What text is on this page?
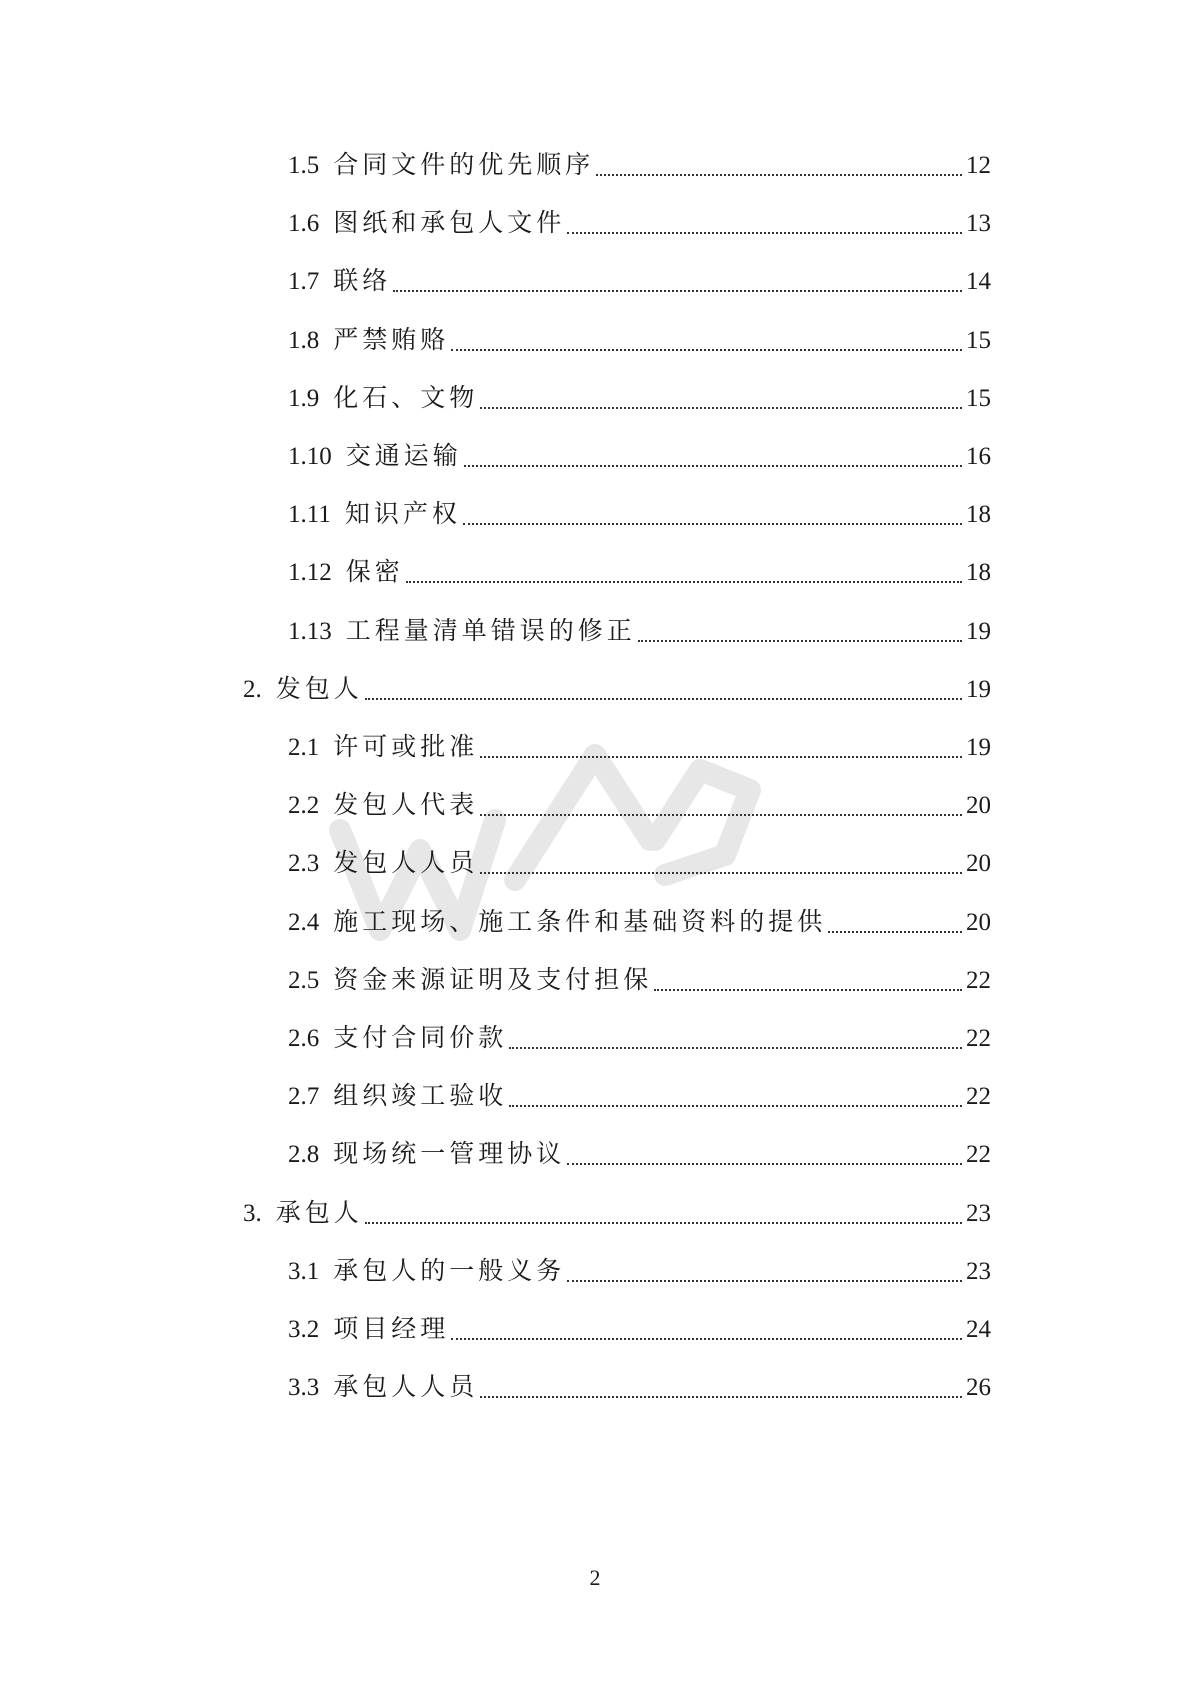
1.5 合同文件的优先顺序	12
1.6 图纸和承包人文件	13
1.7 联络	14
1.8 严禁贿赂	15
1.9 化石、文物	15
1.10 交通运输	16
1.11 知识产权	18
1.12 保密	18
1.13 工程量清单错误的修正	19
2. 发包人	19
2.1 许可或批准	19
2.2 发包人代表	20
2.3 发包人人员	20
2.4 施工现场、施工条件和基础资料的提供	20
2.5 资金来源证明及支付担保	22
2.6 支付合同价款	22
2.7 组织竣工验收	22
2.8 现场统一管理协议	22
3. 承包人	23
3.1 承包人的一般义务	23
3.2 项目经理	24
3.3 承包人人员	26
2
